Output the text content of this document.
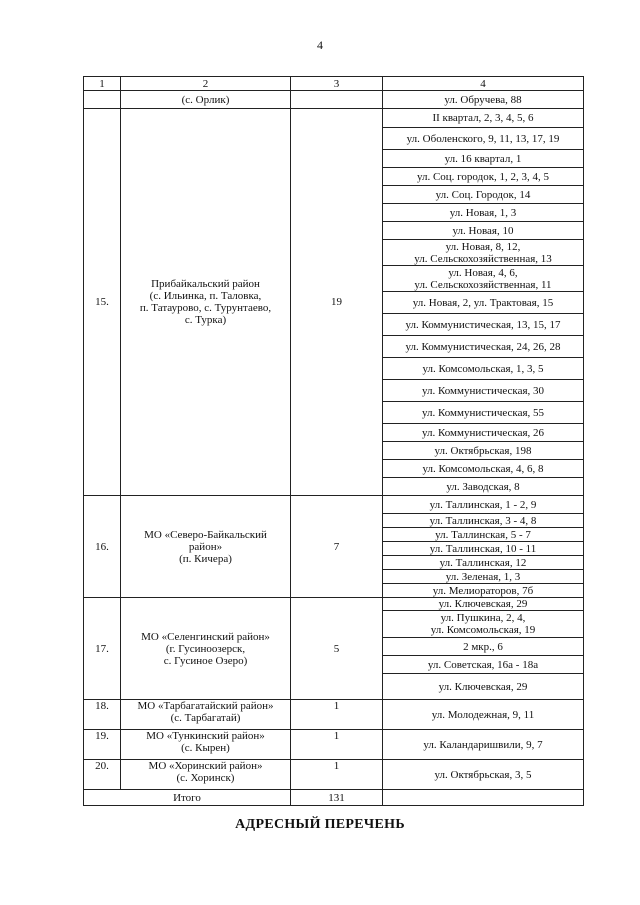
4
1	2	3	4
	(с. Орлик)		ул. Обручева, 88
15.	Прибайкальский район
(с. Ильинка, п. Таловка,
п. Татаурово, с. Турунтаево,
с. Турка)	19	II квартал, 2, 3, 4, 5, 6
			ул. Оболенского, 9, 11, 13, 17, 19
			ул. 16 квартал, 1
			ул. Соц. городок, 1, 2, 3, 4, 5
			ул. Соц. Городок, 14
			ул. Новая, 1, 3
			ул. Новая, 10
			ул. Новая, 8, 12,
ул. Сельскохозяйственная, 13
			ул. Новая, 4, 6,
ул. Сельскохозяйственная, 11
			ул. Новая, 2, ул. Трактовая, 15
			ул. Коммунистическая, 13, 15, 17
			ул. Коммунистическая, 24, 26, 28
			ул. Комсомольская, 1, 3, 5
			ул. Коммунистическая, 30
			ул. Коммунистическая, 55
			ул. Коммунистическая, 26
			ул. Октябрьская, 198
			ул. Комсомольская, 4, 6, 8
			ул. Заводская, 8
16.	МО «Северо-Байкальский
район»
(п. Кичера)	7	ул. Таллинская, 1 - 2, 9
			ул. Таллинская, 3 - 4, 8
			ул. Таллинская, 5 - 7
			ул. Таллинская, 10 - 11
			ул. Таллинская, 12
			ул. Зеленая, 1, 3
			ул. Мелиораторов, 7б
17.	МО «Селенгинский район»
(г. Гусиноозерск,
с. Гусиное Озеро)	5	ул. Ключевская, 29
			ул. Пушкина, 2, 4,
ул. Комсомольская, 19
			2 мкр., 6
			ул. Советская, 16а - 18а
			ул. Ключевская, 29
18.	МО «Тарбагатайский район»
(с. Тарбагатай)	1	ул. Молодежная, 9, 11
19.	МО «Тункинский район»
(с. Кырен)	1	ул. Каландаришвили, 9, 7
20.	МО «Хоринский район»
(с. Хоринск)	1	ул. Октябрьская, 3, 5
Итого		131	
АДРЕСНЫЙ ПЕРЕЧЕНЬ
